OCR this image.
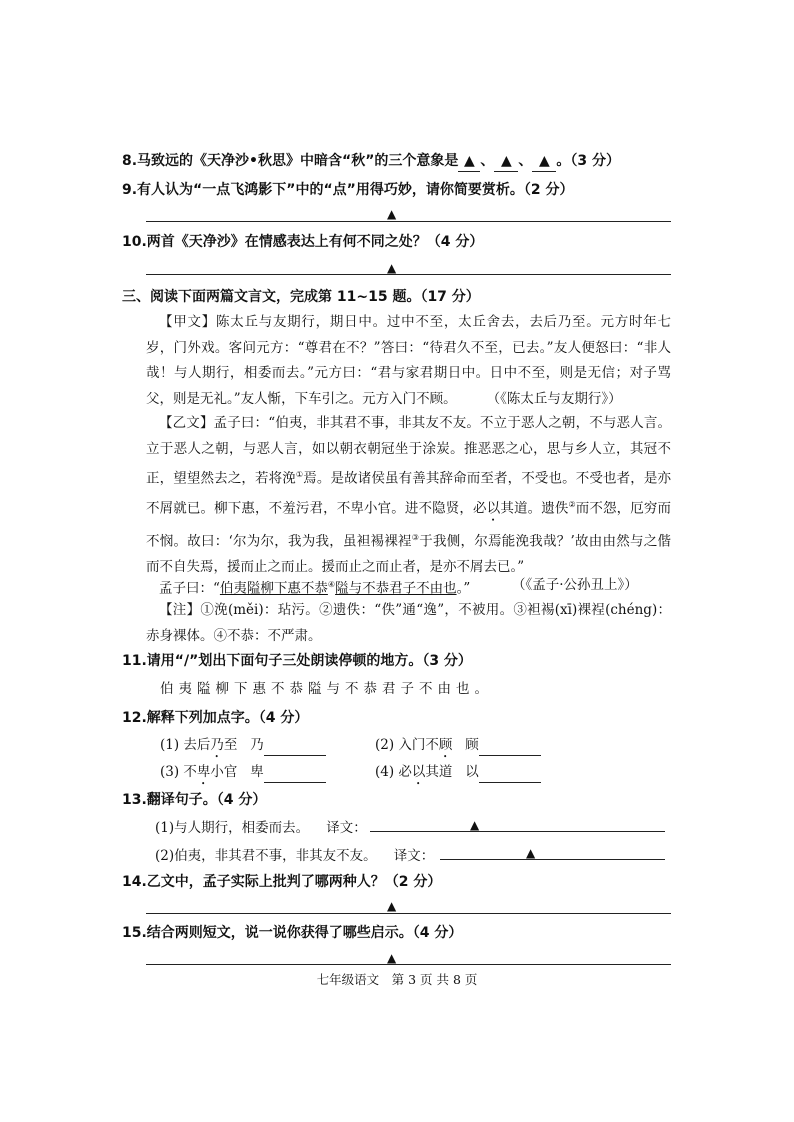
8.马致远的《天净沙•秋思》中暗含“秋”的三个意象是 ▲ 、 ▲ 、 ▲ 。（3 分）
9.有人认为“一点飞鸿影下”中的“点”用得巧妙，请你简要赏析。（2 分）
▲
10.两首《天净沙》在情感表达上有何不同之处？（4 分）
▲
三、阅读下面两篇文言文，完成第 11~15 题。（17 分）
【甲文】陈太丘与友期行，期日中。过中不至，太丘舍去，去后乃至。元方时年七岁，门外戏。客问元方：“尊君在不？”答曰：“待君久不至，已去。”友人便怒曰：“非人哉！与人期行，相委而去。”元方曰：“君与家君期日中。日中不至，则是无信；对子骂父，则是无礼。”友人惭，下车引之。元方入门不顾。 （《陈太丘与友期行》）
【乙文】孟子曰：“伯夷，非其君不事，非其友不友。不立于恶人之朝，不与恶人言。立于恶人之朝，与恶人言，如以朝衣朝冠坐于涂炭。推恶恶之心，思与乡人立，其冠不正，望望然去之，若将浼①焉。是故诸侯虽有善其辞命而至者，不受也。不受也者，是亦不屑就已。柳下惠，不羞污君，不卑小官。进不隐贤，必以其道。遗佚②而不怨，厄穷而不悯。故曰：‘尔为尔，我为我，虽袒裼裸裎③于我侧，尔焉能浼我哉？’故由由然与之偕而不自失焉，援而止之而止。援而止之而止者，是亦不屑去已。”
孟子曰：“伯夷隘柳下惠不恭④隘与不恭君子不由也。”	（《孟子·公孙丑上》）
【注】①浼(měi)：玷污。②遗佚：“佚”通“逸”，不被用。③袒裼(xī)裸裎(chéng)：赤身裸体。④不恭：不严肃。
11.请用“/”划出下面句子三处朗读停顿的地方。（3 分）
伯夷隘柳下惠不恭隘与不恭君子不由也。
12.解释下列加点字。（4 分）
(1) 去后乃至 乃	(2) 入门不顾 顾
(3) 不卑小官 卑	(4) 必以其道 以
13.翻译句子。（4 分）
(1)与人期行，相委而去。 译文：	▲
(2)伯夷，非其君不事，非其友不友。 译文：	▲
14.乙文中，孟子实际上批判了哪两种人？（2 分）
▲
15.结合两则短文，说一说你获得了哪些启示。（4 分）
▲
七年级语文　第 3 页 共 8 页
